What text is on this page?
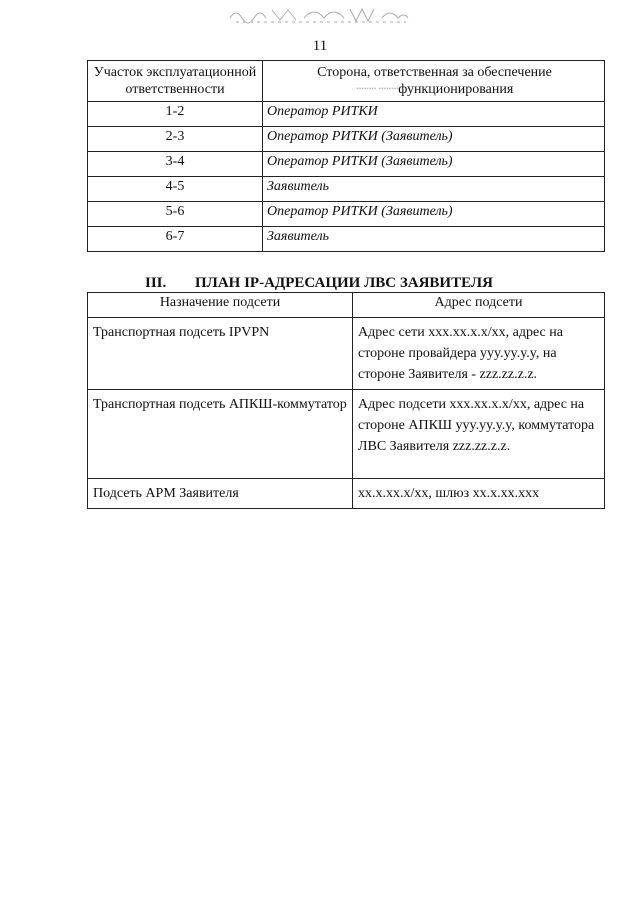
11
Участок эксплуатационной ответственности	Сторона, ответственная за обеспечение
∙∙∙∙∙∙∙∙ ∙∙∙∙∙∙∙∙функционирования
1-2	Оператор РИТКИ
2-3	Оператор РИТКИ (Заявитель)
3-4	Оператор РИТКИ (Заявитель)
4-5	Заявитель
5-6	Оператор РИТКИ (Заявитель)
6-7	Заявитель
III. ПЛАН IP-АДРЕСАЦИИ ЛВС ЗАЯВИТЕЛЯ
Назначение подсети	Адрес подсети
Транспортная подсеть IPVPN	Адрес сети xxx.xx.x.x/xx, адрес на стороне провайдера yyy.yy.y.y, на стороне Заявителя - zzz.zz.z.z.
Транспортная подсеть АПКШ-коммутатор	Адрес подсети xxx.xx.x.x/xx, адрес на стороне АПКШ yyy.yy.y.y, коммутатора ЛВС Заявителя zzz.zz.z.z.
Подсеть АРМ Заявителя	xx.x.xx.x/xx, шлюз xx.x.xx.xxx
